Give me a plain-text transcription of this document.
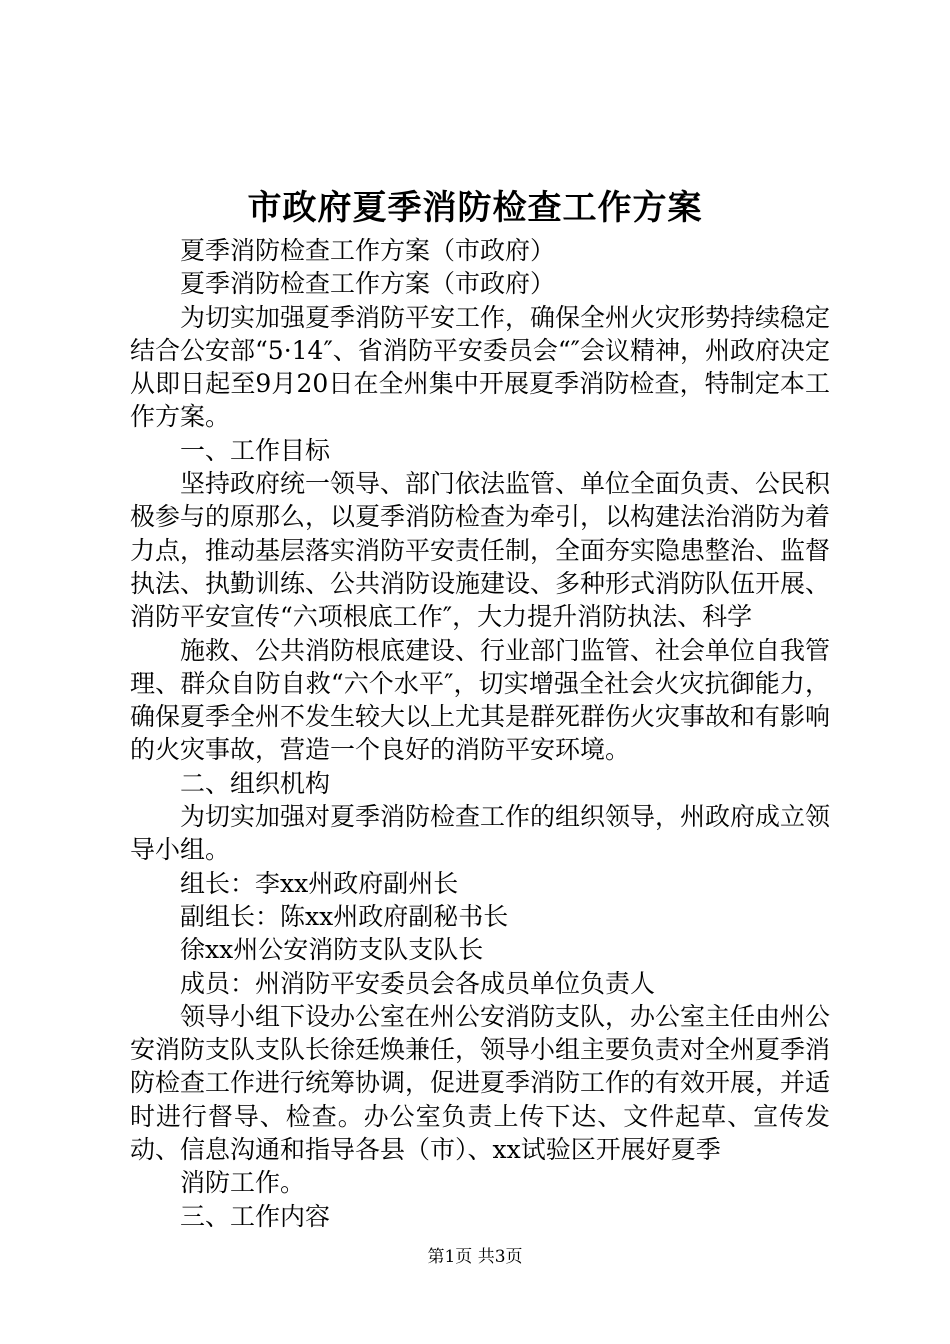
市政府夏季消防检查工作方案

夏季消防检查工作方案（市政府）

夏季消防检查工作方案（市政府）

为切实加强夏季消防平安工作，确保全州火灾形势持续稳定结合公安部“5·14″、省消防平安委员会“″会议精神，州政府决定从即日起至9月20日在全州集中开展夏季消防检查，特制定本工作方案。

一、工作目标

坚持政府统一领导、部门依法监管、单位全面负责、公民积极参与的原那么，以夏季消防检查为牵引，以构建法治消防为着力点，推动基层落实消防平安责任制，全面夯实隐患整治、监督执法、执勤训练、公共消防设施建设、多种形式消防队伍开展、消防平安宣传“六项根底工作″，大力提升消防执法、科学

施救、公共消防根底建设、行业部门监管、社会单位自我管理、群众自防自救“六个水平″，切实增强全社会火灾抗御能力，确保夏季全州不发生较大以上尤其是群死群伤火灾事故和有影响的火灾事故，营造一个良好的消防平安环境。

二、组织机构

为切实加强对夏季消防检查工作的组织领导，州政府成立领导小组。

组长：李xx州政府副州长

副组长：陈xx州政府副秘书长

徐xx州公安消防支队支队长

成员：州消防平安委员会各成员单位负责人

领导小组下设办公室在州公安消防支队，办公室主任由州公安消防支队支队长徐廷焕兼任，领导小组主要负责对全州夏季消防检查工作进行统筹协调，促进夏季消防工作的有效开展，并适时进行督导、检查。办公室负责上传下达、文件起草、宣传发动、信息沟通和指导各县（市）、xx试验区开展好夏季

消防工作。

三、工作内容

第1页 共3页
